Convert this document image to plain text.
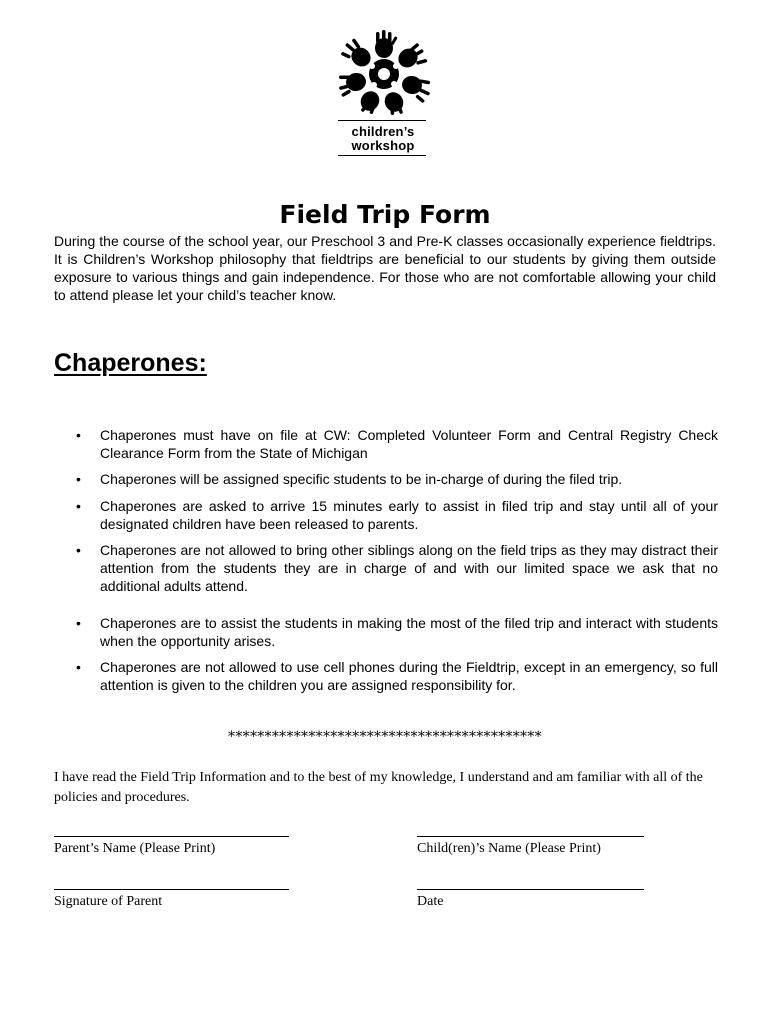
children’s
workshop
Field Trip Form
During the course of the school year, our Preschool 3 and Pre-K classes occasionally experience fieldtrips. It is Children’s Workshop philosophy that fieldtrips are beneficial to our students by giving them outside exposure to various things and gain independence. For those who are not comfortable allowing your child to attend please let your child’s teacher know.
Chaperones:
• Chaperones must have on file at CW: Completed Volunteer Form and Central Registry Check Clearance Form from the State of Michigan
• Chaperones will be assigned specific students to be in-charge of during the filed trip.
• Chaperones are asked to arrive 15 minutes early to assist in filed trip and stay until all of your designated children have been released to parents.
• Chaperones are not allowed to bring other siblings along on the field trips as they may distract their attention from the students they are in charge of and with our limited space we ask that no additional adults attend.
• Chaperones are to assist the students in making the most of the filed trip and interact with students when the opportunity arises.
• Chaperones are not allowed to use cell phones during the Fieldtrip, except in an emergency, so full attention is given to the children you are assigned responsibility for.
*******************************************
I have read the Field Trip Information and to the best of my knowledge, I understand and am familiar with all of the policies and procedures.
Parent’s Name (Please Print)	Child(ren)’s Name (Please Print)
Signature of Parent	Date
